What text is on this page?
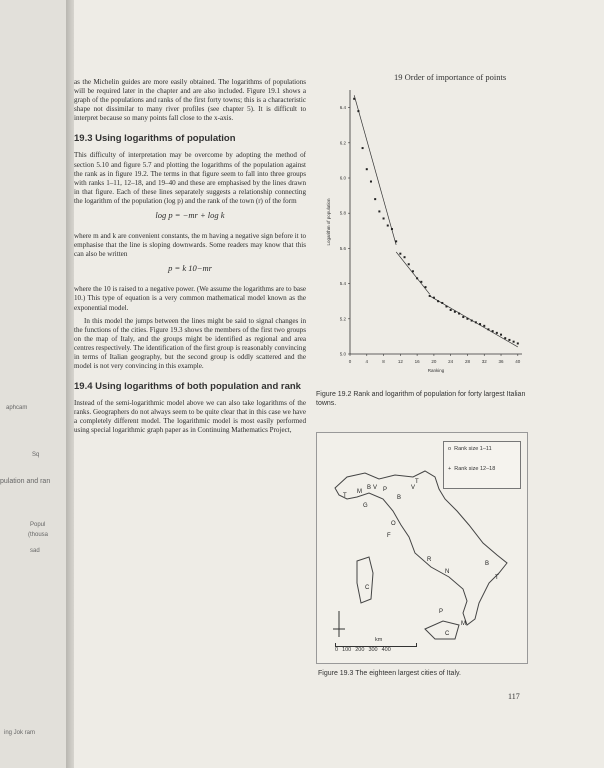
aphcam
Sq
pulation and ran
Popul
(thousa
sad
ing Jok ram
19 Order of importance of points

as the Michelin guides are more easily obtained. The logarithms of populations will be required later in the chapter and are also included. Figure 19.1 shows a graph of the populations and ranks of the first forty towns; this is a characteristic shape not dissimilar to many river profiles (see chapter 5). It is difficult to interpret because so many points fall close to the x-axis.

19.3 Using logarithms of population

This difficulty of interpretation may be overcome by adopting the method of section 5.10 and figure 5.7 and plotting the logarithms of the population against the rank as in figure 19.2. The terms in that figure seem to fall into three groups with ranks 1–11, 12–18, and 19–40 and these are emphasised by the lines drawn in that figure. Each of these lines separately suggests a relationship connecting the logarithm of the population (log p) and the rank of the town (r) of the form

log p = −mr + log k

where m and k are convenient constants, the m having a negative sign before it to emphasise that the line is sloping downwards. Some readers may know that this can also be written

p = k 10−mr

where the 10 is raised to a negative power. (We assume the logarithms are to base 10.) This type of equation is a very common mathematical model known as the exponential model.

In this model the jumps between the lines might be said to signal changes in the functions of the cities. Figure 19.3 shows the members of the first two groups on the map of Italy, and the groups might be identified as regional and area centres respectively. The identification of the first group is reasonably convincing in terms of Italian geography, but the second group is oddly scattered and the model is not very convincing in this example.

19.4 Using logarithms of both population and rank

Instead of the semi-logarithmic model above we can also take logarithms of the ranks. Geographers do not always seem to be quite clear that in this case we have a completely different model. The logarithmic model is most easily performed using special logarithmic graph paper as in Continuing Mathematics Project,

0	4	8	12	16	20	24	28	32	36	40
5.0
5.2
5.4
5.6
5.8
6.0
6.2
6.4
Ranking
Logarithm of population
Figure 19.2 Rank and logarithm of population for forty largest Italian towns.
o Rank size 1–11
+ Rank size 12–18
T
M
G
B V P
T
V
B
O
F
R
N
B
T
C
P
M
C
km
0 100 200 300 400
Figure 19.3 The eighteen largest cities of Italy.
117
